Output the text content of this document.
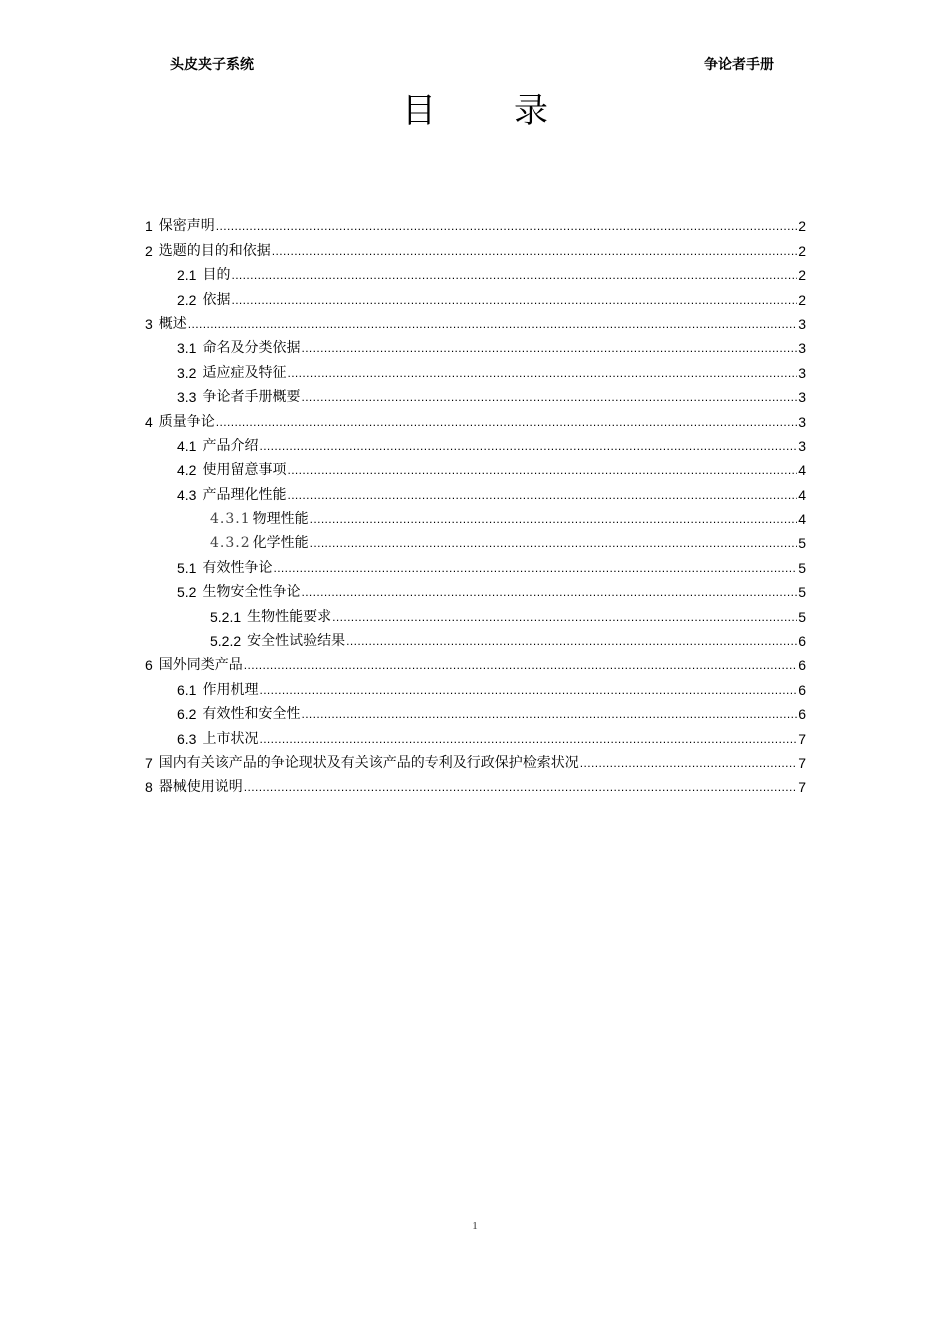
头皮夹子系统	争论者手册
目 录
1 保密声明 .....	2
2 选题的目的和依据 .....	2
2.1 目的 .....	2
2.2 依据 .....	2
3 概述 .....	3
3.1 命名及分类依据 .....	3
3.2 适应症及特征 .....	3
3.3 争论者手册概要 .....	3
4 质量争论 .....	3
4.1 产品介绍 .....	3
4.2 使用留意事项 .....	4
4.3 产品理化性能 .....	4
4.3.1 物理性能 .....	4
4.3.2 化学性能 .....	5
5.1 有效性争论 .....	5
5.2 生物安全性争论 .....	5
5.2.1 生物性能要求 .....	5
5.2.2 安全性试验结果 .....	6
6 国外同类产品 .....	6
6.1 作用机理 .....	6
6.2 有效性和安全性 .....	6
6.3 上市状况 .....	7
7 国内有关该产品的争论现状及有关该产品的专利及行政保护检索状况 .....	7
8 器械使用说明 .....	7
1
